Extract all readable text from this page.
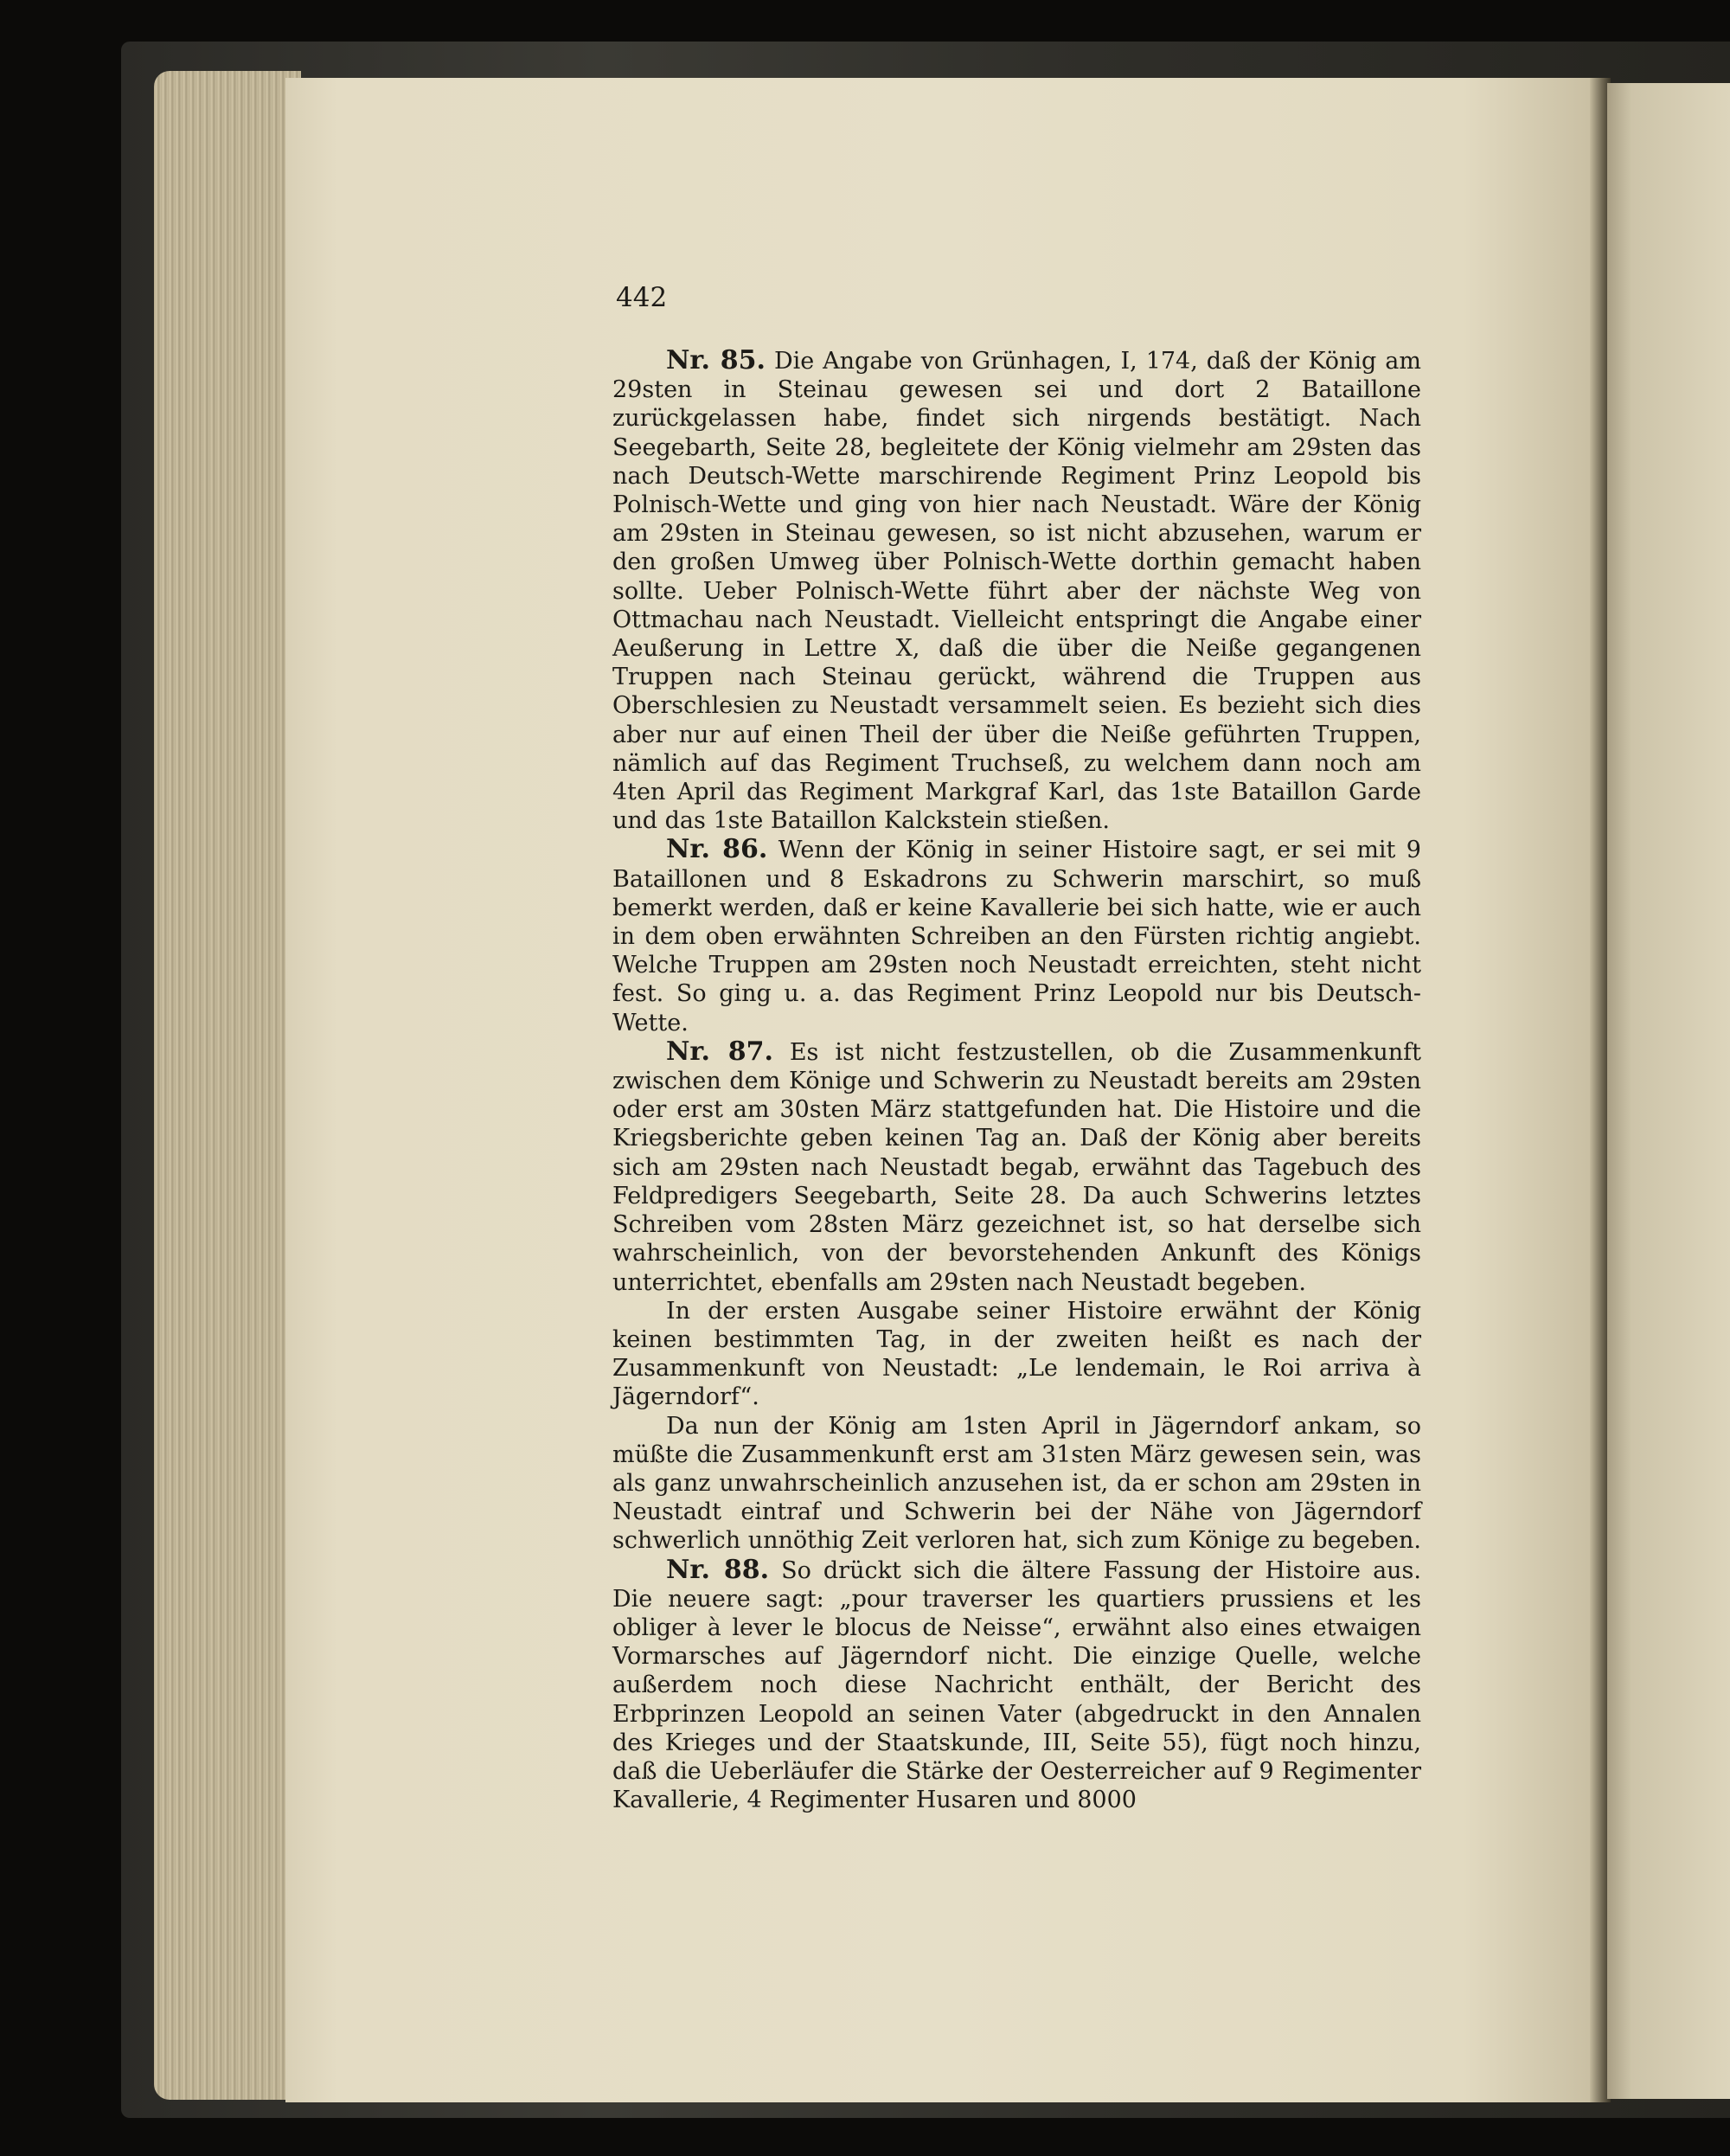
442

Nr. 85. Die Angabe von Grünhagen, I, 174, daß der König am 29sten in Steinau gewesen sei und dort 2 Bataillone zurückgelassen habe, findet sich nirgends bestätigt. Nach Seegebarth, Seite 28, begleitete der König vielmehr am 29sten das nach Deutsch-Wette marschirende Regiment Prinz Leopold bis Polnisch-Wette und ging von hier nach Neustadt. Wäre der König am 29sten in Steinau gewesen, so ist nicht abzusehen, warum er den großen Umweg über Polnisch-Wette dorthin gemacht haben sollte. Ueber Polnisch-Wette führt aber der nächste Weg von Ottmachau nach Neustadt. Vielleicht entspringt die Angabe einer Aeußerung in Lettre X, daß die über die Neiße gegangenen Truppen nach Steinau gerückt, während die Truppen aus Oberschlesien zu Neustadt versammelt seien. Es bezieht sich dies aber nur auf einen Theil der über die Neiße geführten Truppen, nämlich auf das Regiment Truchseß, zu welchem dann noch am 4ten April das Regiment Markgraf Karl, das 1ste Bataillon Garde und das 1ste Bataillon Kalckstein stießen.

Nr. 86. Wenn der König in seiner Histoire sagt, er sei mit 9 Bataillonen und 8 Eskadrons zu Schwerin marschirt, so muß bemerkt werden, daß er keine Kavallerie bei sich hatte, wie er auch in dem oben erwähnten Schreiben an den Fürsten richtig angiebt. Welche Truppen am 29sten noch Neustadt erreichten, steht nicht fest. So ging u. a. das Regiment Prinz Leopold nur bis Deutsch-Wette.

Nr. 87. Es ist nicht festzustellen, ob die Zusammenkunft zwischen dem Könige und Schwerin zu Neustadt bereits am 29sten oder erst am 30sten März stattgefunden hat. Die Histoire und die Kriegsberichte geben keinen Tag an. Daß der König aber bereits sich am 29sten nach Neustadt begab, erwähnt das Tagebuch des Feldpredigers Seegebarth, Seite 28. Da auch Schwerins letztes Schreiben vom 28sten März gezeichnet ist, so hat derselbe sich wahrscheinlich, von der bevorstehenden Ankunft des Königs unterrichtet, ebenfalls am 29sten nach Neustadt begeben.

In der ersten Ausgabe seiner Histoire erwähnt der König keinen bestimmten Tag, in der zweiten heißt es nach der Zusammenkunft von Neustadt: „Le lendemain, le Roi arriva à Jägerndorf“.

Da nun der König am 1sten April in Jägerndorf ankam, so müßte die Zusammenkunft erst am 31sten März gewesen sein, was als ganz unwahrscheinlich anzusehen ist, da er schon am 29sten in Neustadt eintraf und Schwerin bei der Nähe von Jägerndorf schwerlich unnöthig Zeit verloren hat, sich zum Könige zu begeben.

Nr. 88. So drückt sich die ältere Fassung der Histoire aus. Die neuere sagt: „pour traverser les quartiers prussiens et les obliger à lever le blocus de Neisse“, erwähnt also eines etwaigen Vormarsches auf Jägerndorf nicht. Die einzige Quelle, welche außerdem noch diese Nachricht enthält, der Bericht des Erbprinzen Leopold an seinen Vater (abgedruckt in den Annalen des Krieges und der Staatskunde, III, Seite 55), fügt noch hinzu, daß die Ueberläufer die Stärke der Oesterreicher auf 9 Regimenter Kavallerie, 4 Regimenter Husaren und 8000
